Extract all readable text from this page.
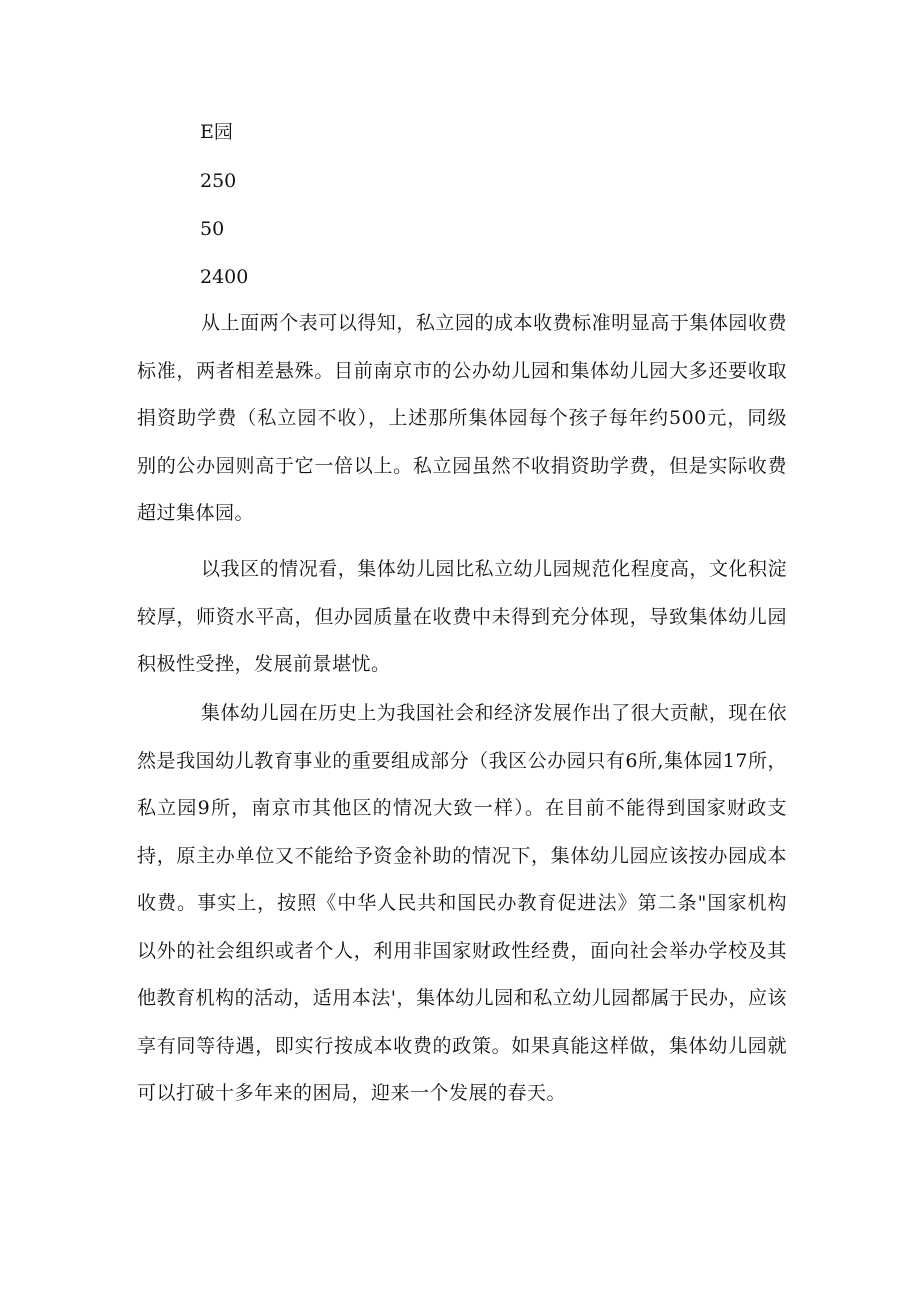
E园
250
50
2400

从上面两个表可以得知，私立园的成本收费标准明显高于集体园收费标准，两者相差悬殊。目前南京市的公办幼儿园和集体幼儿园大多还要收取捐资助学费（私立园不收），上述那所集体园每个孩子每年约500元，同级别的公办园则高于它一倍以上。私立园虽然不收捐资助学费，但是实际收费超过集体园。

以我区的情况看，集体幼儿园比私立幼儿园规范化程度高，文化积淀较厚，师资水平高，但办园质量在收费中未得到充分体现，导致集体幼儿园积极性受挫，发展前景堪忧。

集体幼儿园在历史上为我国社会和经济发展作出了很大贡献，现在依然是我国幼儿教育事业的重要组成部分（我区公办园只有6所,集体园17所，私立园9所，南京市其他区的情况大致一样）。在目前不能得到国家财政支持，原主办单位又不能给予资金补助的情况下，集体幼儿园应该按办园成本收费。事实上，按照《中华人民共和国民办教育促进法》第二条"国家机构以外的社会组织或者个人，利用非国家财政性经费，面向社会举办学校及其他教育机构的活动，适用本法'，集体幼儿园和私立幼儿园都属于民办，应该享有同等待遇，即实行按成本收费的政策。如果真能这样做，集体幼儿园就可以打破十多年来的困局，迎来一个发展的春天。
